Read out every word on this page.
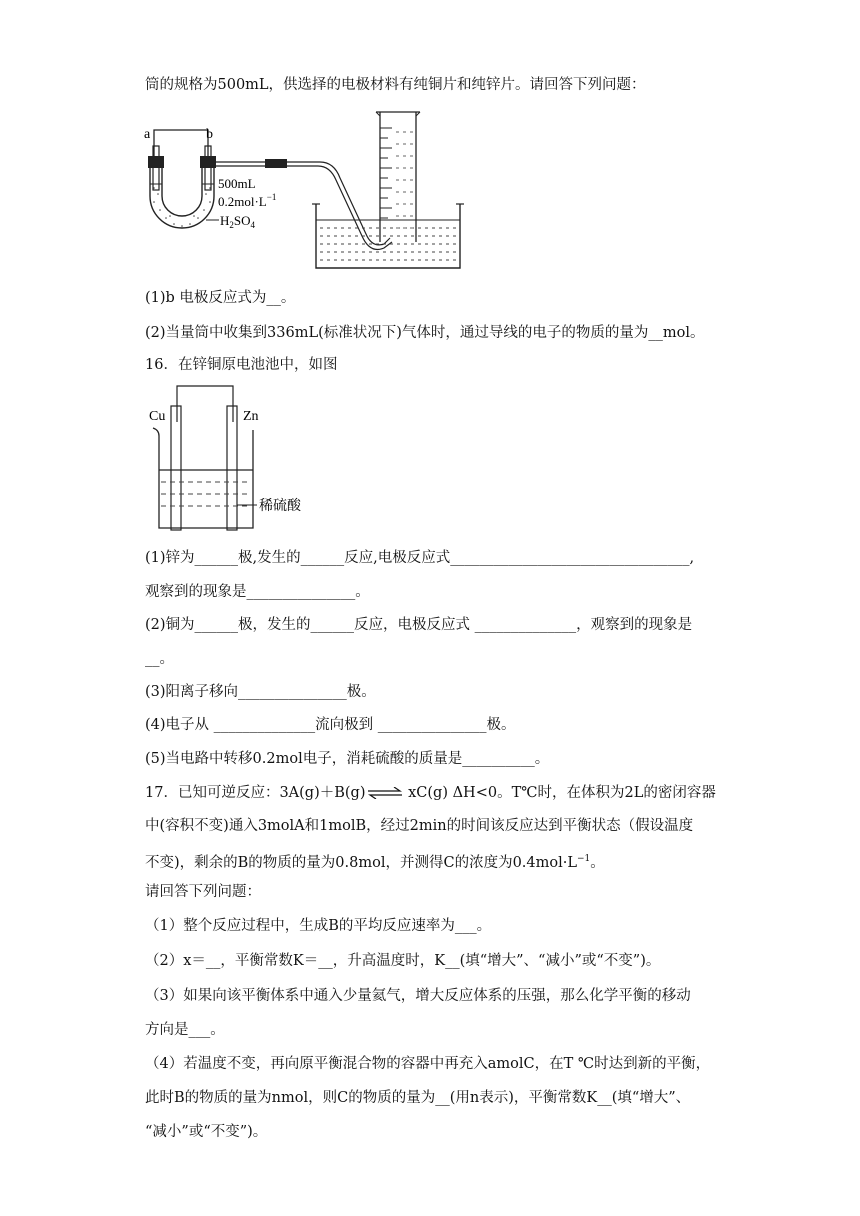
筒的规格为500mL，供选择的电极材料有纯铜片和纯锌片。请回答下列问题：
a	b
500mL
$0.2mol\cdot L^{-1}$
$H_2SO_4$
(1)b 电极反应式为__。
(2)当量筒中收集到336mL(标准状况下)气体时，通过导线的电子的物质的量为__mol。
16．在锌铜原电池池中，如图
Cu	Zn
稀硫酸
(1)锌为______极,发生的______反应,电极反应式_________________________________,
观察到的现象是_______________。
(2)铜为______极，发生的______反应，电极反应式 ______________，观察到的现象是
__。
(3)阳离子移向_______________极。
(4)电子从 ______________流向极到 _______________极。
(5)当电路中转移0.2mol电子，消耗硫酸的质量是__________。
17．已知可逆反应：3A(g)＋B(g)⇌ xC(g) ΔH<0。T℃时，在体积为2L的密闭容器
中(容积不变)通入3molA和1molB，经过2min的时间该反应达到平衡状态（假设温度
不变)，剩余的B的物质的量为0.8mol，并测得C的浓度为$0.4mol\cdot L^{-1}$。
请回答下列问题：
（1）整个反应过程中，生成B的平均反应速率为___。
（2）x＝__，平衡常数K＝__，升高温度时，K__(填“增大”、“减小”或“不变”)。
（3）如果向该平衡体系中通入少量氦气，增大反应体系的压强，那么化学平衡的移动
方向是___。
（4）若温度不变，再向原平衡混合物的容器中再充入amolC，在T ℃时达到新的平衡，
此时B的物质的量为nmol，则C的物质的量为__(用n表示)，平衡常数K__(填“增大”、
“减小”或“不变”)。
